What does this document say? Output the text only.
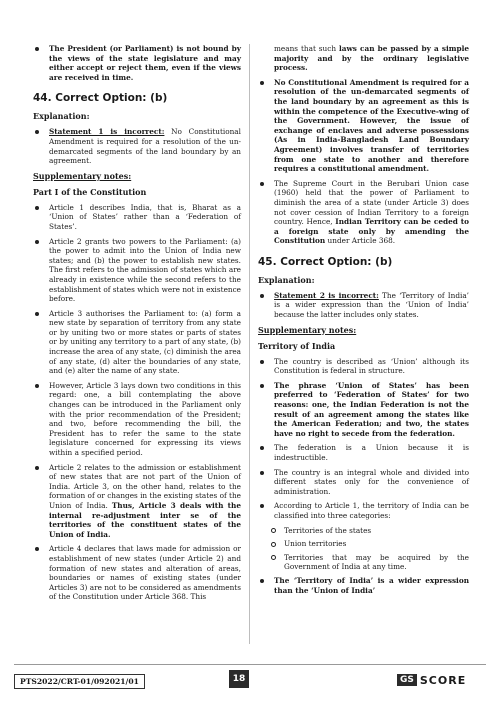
The President (or Parliament) is not bound by the views of the state legislature and may either accept or reject them, even if the views are received in time.

44. Correct Option: (b)
Explanation:

Statement 1 is incorrect: No Constitutional Amendment is required for a resolution of the un-demarcated segments of the land boundary by an agreement.

Supplementary notes:
Part I of the Constitution

Article 1 describes India, that is, Bharat as a ‘Union of States’ rather than a ‘Federation of States’.

Article 2 grants two powers to the Parliament: (a) the power to admit into the Union of India new states; and (b) the power to establish new states. The first refers to the admission of states which are already in existence while the second refers to the establishment of states which were not in existence before.

Article 3 authorises the Parliament to: (a) form a new state by separation of territory from any state or by uniting two or more states or parts of states or by uniting any territory to a part of any state, (b) increase the area of any state, (c) diminish the area of any state, (d) alter the boundaries of any state, and (e) alter the name of any state.

However, Article 3 lays down two conditions in this regard: one, a bill contemplating the above changes can be introduced in the Parliament only with the prior recommendation of the President; and two, before recommending the bill, the President has to refer the same to the state legislature concerned for expressing its views within a specified period.

Article 2 relates to the admission or establishment of new states that are not part of the Union of India. Article 3, on the other hand, relates to the formation of or changes in the existing states of the Union of India. Thus, Article 3 deals with the internal re-adjustment inter se of the territories of the constituent states of the Union of India.

Article 4 declares that laws made for admission or establishment of new states (under Article 2) and formation of new states and alteration of areas, boundaries or names of existing states (under Articles 3) are not to be considered as amendments of the Constitution under Article 368. This

means that such laws can be passed by a simple majority and by the ordinary legislative process.

No Constitutional Amendment is required for a resolution of the un-demarcated segments of the land boundary by an agreement as this is within the competence of the Executive-wing of the Government. However, the issue of exchange of enclaves and adverse possessions (As in India-Bangladesh Land Boundary Agreement) involves transfer of territories from one state to another and therefore requires a constitutional amendment.

The Supreme Court in the Berubari Union case (1960) held that the power of Parliament to diminish the area of a state (under Article 3) does not cover cession of Indian Territory to a foreign country. Hence, Indian Territory can be ceded to a foreign state only by amending the Constitution under Article 368.

45. Correct Option: (b)
Explanation:

Statement 2 is incorrect: The ‘Territory of India’ is a wider expression than the ‘Union of India’ because the latter includes only states.

Supplementary notes:
Territory of India

The country is described as ‘Union’ although its Constitution is federal in structure.

The phrase ‘Union of States’ has been preferred to ‘Federation of States’ for two reasons: one, the Indian Federation is not the result of an agreement among the states like the American Federation; and two, the states have no right to secede from the federation.

The federation is a Union because it is indestructible.

The country is an integral whole and divided into different states only for the convenience of administration.

According to Article 1, the territory of India can be classified into three categories:

Territories of the states

Union territories

Territories that may be acquired by the Government of India at any time.

The ‘Territory of India’ is a wider expression than the ‘Union of India’

PTS2022/CRT-01/092021/01	18	GS SCORE
